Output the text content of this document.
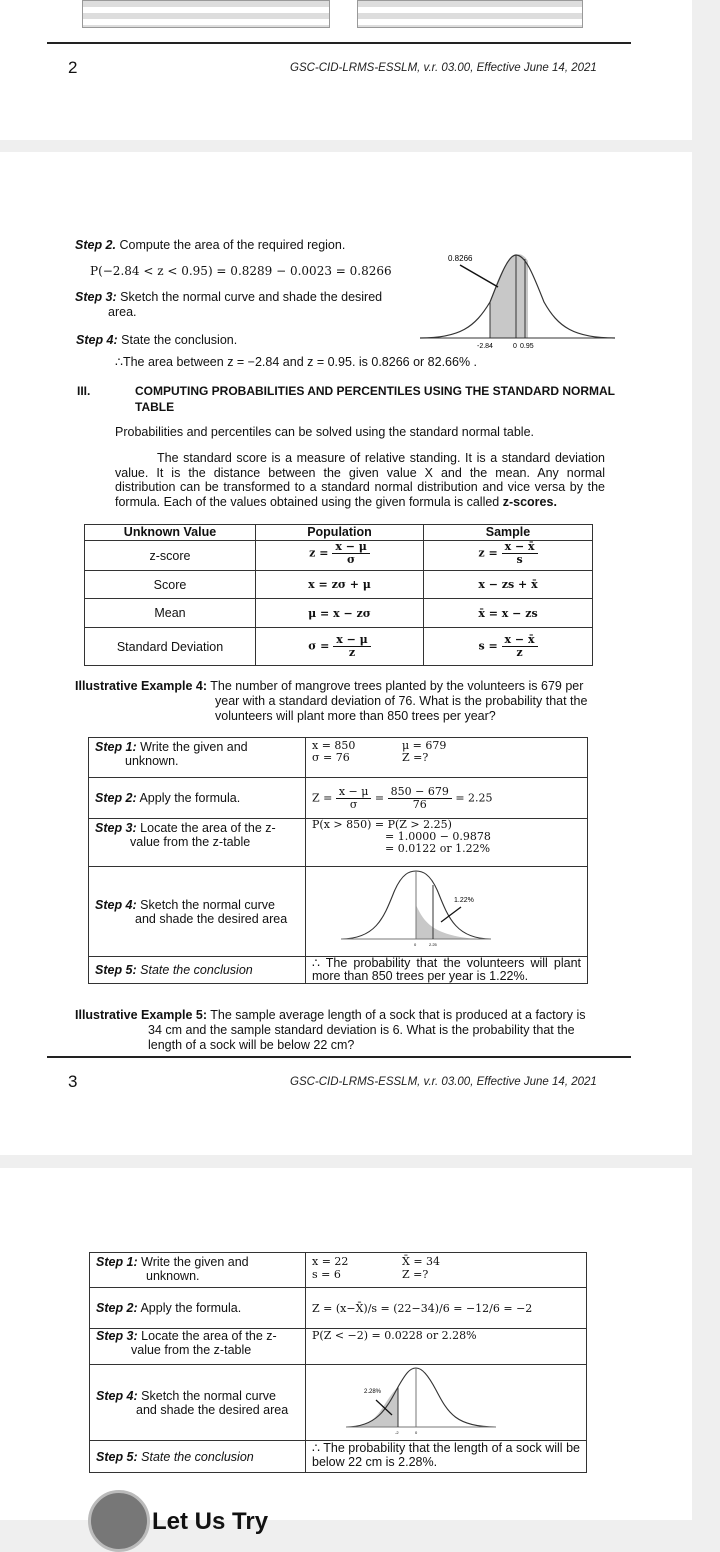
2	GSC-CID-LRMS-ESSLM, v.r. 03.00, Effective June 14, 2021
Step 2. Compute the area of the required region.
P(−2.84 < z < 0.95) = 0.8289 − 0.0023 = 0.8266
Step 3: Sketch the normal curve and shade the desired
area.
Step 4: State the conclusion.
∴The area between z = −2.84 and z = 0.95. is 0.8266 or 82.66% .
0.8266
-2.84	0 0.95
III.	COMPUTING PROBABILITIES AND PERCENTILES USING THE STANDARD NORMAL TABLE
Probabilities and percentiles can be solved using the standard normal table.
The standard score is a measure of relative standing. It is a standard deviation value. It is the distance between the given value X and the mean. Any normal distribution can be transformed to a standard normal distribution and vice versa by the formula. Each of the values obtained using the given formula is called z-scores.
Unknown Value	Population	Sample
z-score	$z = \frac{x - \mu}{\sigma}$	$z = \frac{x - x̄}{s}$

Score	x = zσ + μ	x − zs + x̄
Mean	μ = x − zσ	x̄ = x − zs
Standard Deviation	$\sigma = \frac{x - \mu}{z}$	$s = \frac{x - x̄}{z}$
Illustrative Example 4: The number of mangrove trees planted by the volunteers is 679 per
year with a standard deviation of 76. What is the probability that the
volunteers will plant more than 850 trees per year?
Step 1: Write the given and
unknown.	
x = 850	μ = 679
σ = 76	Z =?

Step 2: Apply the formula.	$Z = \frac{x - \mu}{\sigma} = \frac{850 - 679}{76} = 2.25$
Step 3: Locate the area of the z-
value from the z-table	
P(x > 850) = P(Z > 2.25)
= 1.0000 − 0.9878
= 0.0122 or 1.22%

Step 4: Sketch the normal curve
and shade the desired area	
1.22%
0	2.25

Step 5: State the conclusion	∴ The probability that the volunteers will plant more than 850 trees per year is 1.22%.
Illustrative Example 5: The sample average length of a sock that is produced at a factory is
34 cm and the sample standard deviation is 6. What is the probability that the
length of a sock will be below 22 cm?
3	GSC-CID-LRMS-ESSLM, v.r. 03.00, Effective June 14, 2021
Step 1: Write the given and
unknown.	
x = 22	X̄ = 34
s = 6	Z =?

Step 2: Apply the formula.	Z = (x−X̄)/s = (22−34)/6 = −12/6 = −2
Step 3: Locate the area of the z-
value from the z-table	P(Z < −2) = 0.0228 or 2.28%
Step 4: Sketch the normal curve
and shade the desired area	
2.28%
-2	0

Step 5: State the conclusion	∴ The probability that the length of a sock will be below 22 cm is 2.28%.
Let Us Try
